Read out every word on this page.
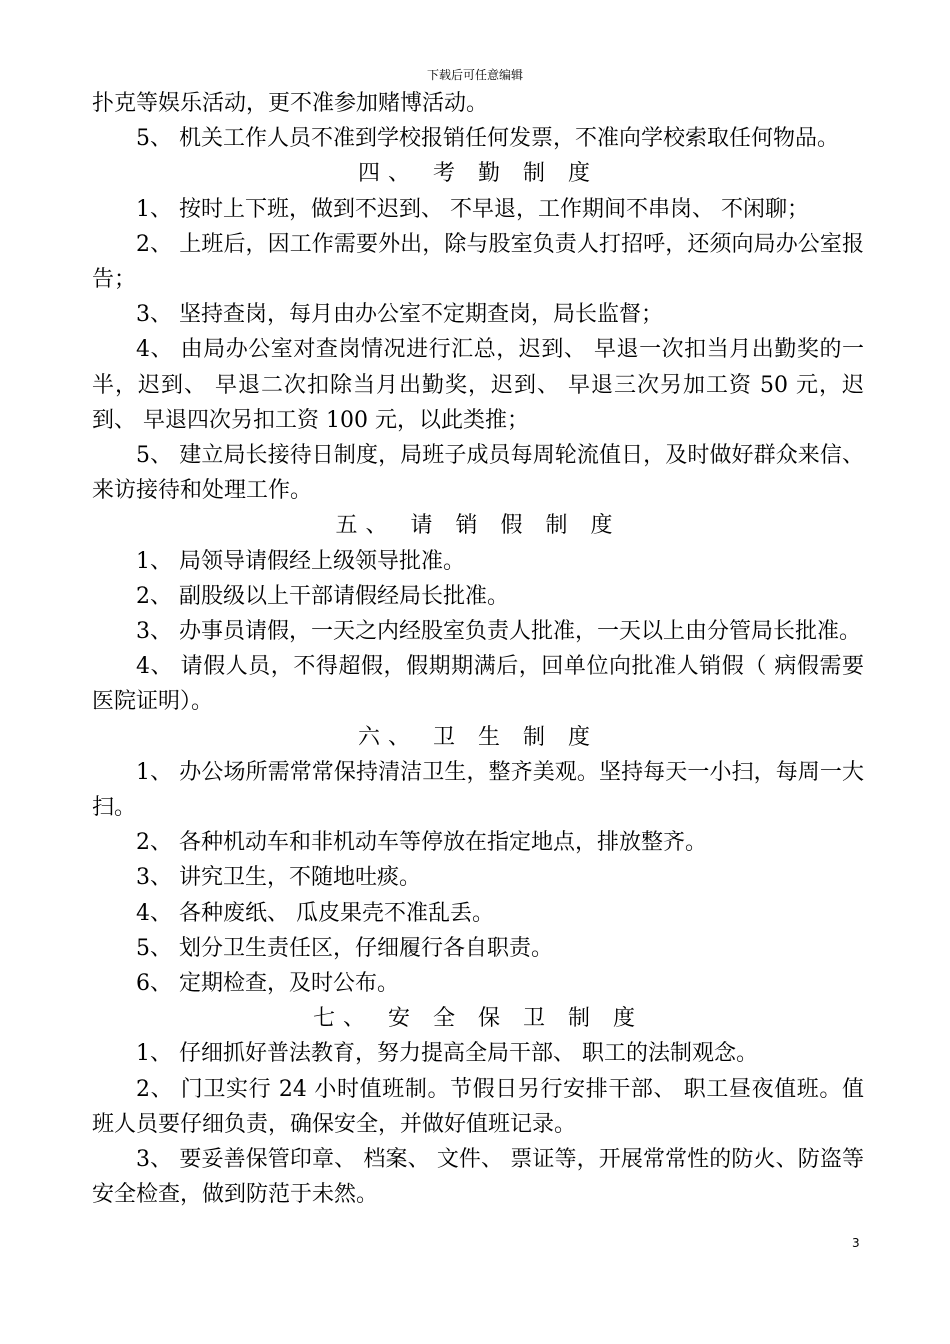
下载后可任意编辑

扑克等娱乐活动，更不准参加赌博活动。

5、 机关工作人员不准到学校报销任何发票，不准向学校索取任何物品。

四、 考 勤 制 度

1、 按时上下班，做到不迟到、 不早退，工作期间不串岗、 不闲聊；

2、 上班后，因工作需要外出，除与股室负责人打招呼，还须向局办公室报告；

3、 坚持查岗，每月由办公室不定期查岗，局长监督；

4、 由局办公室对查岗情况进行汇总，迟到、 早退一次扣当月出勤奖的一半，迟到、 早退二次扣除当月出勤奖，迟到、 早退三次另加工资 50 元，迟到、 早退四次另扣工资 100 元，以此类推；

5、 建立局长接待日制度，局班子成员每周轮流值日，及时做好群众来信、 来访接待和处理工作。

五、 请 销 假 制 度

1、 局领导请假经上级领导批准。

2、 副股级以上干部请假经局长批准。

3、 办事员请假，一天之内经股室负责人批准，一天以上由分管局长批准。

4、 请假人员，不得超假，假期期满后，回单位向批准人销假（ 病假需要医院证明）。

六、 卫 生 制 度

1、 办公场所需常常保持清洁卫生，整齐美观。坚持每天一小扫，每周一大扫。

2、 各种机动车和非机动车等停放在指定地点，排放整齐。

3、 讲究卫生，不随地吐痰。

4、 各种废纸、 瓜皮果壳不准乱丢。

5、 划分卫生责任区，仔细履行各自职责。

6、 定期检查，及时公布。

七、 安 全 保 卫 制 度

1、 仔细抓好普法教育，努力提高全局干部、 职工的法制观念。

2、 门卫实行 24 小时值班制。节假日另行安排干部、 职工昼夜值班。值班人员要仔细负责，确保安全，并做好值班记录。

3、 要妥善保管印章、 档案、 文件、 票证等，开展常常性的防火、防盗等安全检查，做到防范于未然。

3
